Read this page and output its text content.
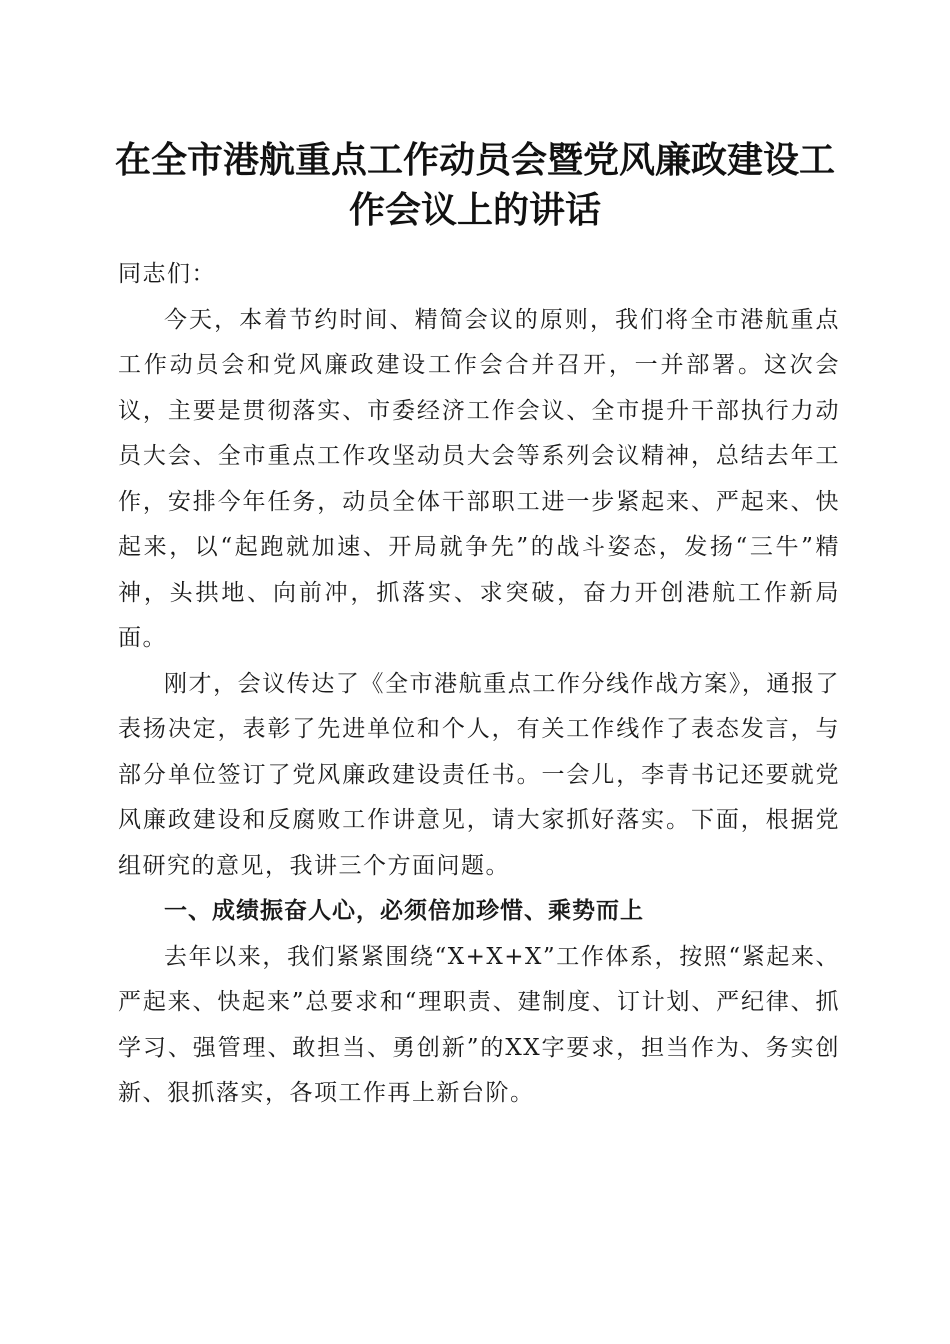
在全市港航重点工作动员会暨党风廉政建设工作会议上的讲话

同志们：

今天，本着节约时间、精简会议的原则，我们将全市港航重点工作动员会和党风廉政建设工作会合并召开，一并部署。这次会议，主要是贯彻落实、市委经济工作会议、全市提升干部执行力动员大会、全市重点工作攻坚动员大会等系列会议精神，总结去年工作，安排今年任务，动员全体干部职工进一步紧起来、严起来、快起来，以“起跑就加速、开局就争先”的战斗姿态，发扬“三牛”精神，头拱地、向前冲，抓落实、求突破，奋力开创港航工作新局面。

刚才，会议传达了《全市港航重点工作分线作战方案》，通报了表扬决定，表彰了先进单位和个人，有关工作线作了表态发言，与部分单位签订了党风廉政建设责任书。一会儿，李青书记还要就党风廉政建设和反腐败工作讲意见，请大家抓好落实。下面，根据党组研究的意见，我讲三个方面问题。

一、成绩振奋人心，必须倍加珍惜、乘势而上

去年以来，我们紧紧围绕“X+X+X”工作体系，按照“紧起来、严起来、快起来”总要求和“理职责、建制度、订计划、严纪律、抓学习、强管理、敢担当、勇创新”的XX字要求，担当作为、务实创新、狠抓落实，各项工作再上新台阶。
